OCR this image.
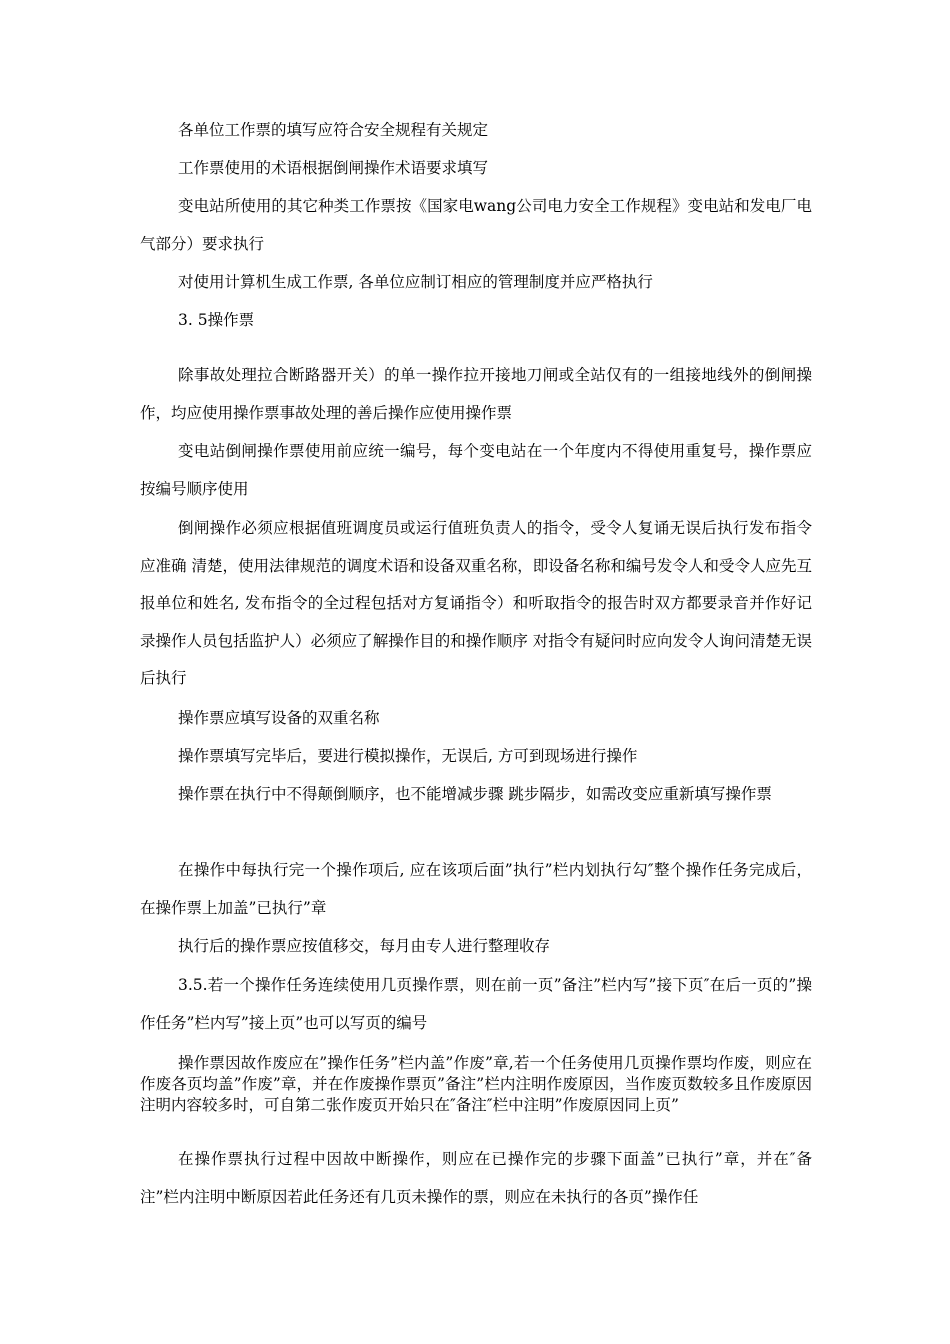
各单位工作票的填写应符合安全规程有关规定

工作票使用的术语根据倒闸操作术语要求填写

变电站所使用的其它种类工作票按《国家电wang公司电力安全工作规程》变电站和发电厂电气部分）要求执行

对使用计算机生成工作票, 各单位应制订相应的管理制度并应严格执行

3. 5操作票

除事故处理拉合断路器开关）的单一操作拉开接地刀闸或全站仅有的一组接地线外的倒闸操作，均应使用操作票事故处理的善后操作应使用操作票

变电站倒闸操作票使用前应统一编号，每个变电站在一个年度内不得使用重复号，操作票应按编号顺序使用

倒闸操作必须应根据值班调度员或运行值班负责人的指令，受令人复诵无误后执行发布指令应准确 清楚，使用法律规范的调度术语和设备双重名称，即设备名称和编号发令人和受令人应先互报单位和姓名, 发布指令的全过程包括对方复诵指令）和听取指令的报告时双方都要录音并作好记录操作人员包括监护人）必须应了解操作目的和操作顺序 对指令有疑问时应向发令人询问清楚无误后执行

操作票应填写设备的双重名称

操作票填写完毕后，要进行模拟操作，无误后, 方可到现场进行操作

操作票在执行中不得颠倒顺序，也不能增减步骤 跳步隔步，如需改变应重新填写操作票

在操作中每执行完一个操作项后, 应在该项后面”执行”栏内划执行勾″整个操作任务完成后，在操作票上加盖”已执行”章

执行后的操作票应按值移交，每月由专人进行整理收存

3.5.若一个操作任务连续使用几页操作票，则在前一页”备注”栏内写”接下页″在后一页的”操作任务”栏内写”接上页”也可以写页的编号

操作票因故作废应在”操作任务”栏内盖”作废”章,若一个任务使用几页操作票均作废，则应在作废各页均盖”作废”章，并在作废操作票页”备注”栏内注明作废原因，当作废页数较多且作废原因注明内容较多时，可自第二张作废页开始只在″备注″栏中注明”作废原因同上页”

在操作票执行过程中因故中断操作，则应在已操作完的步骤下面盖”已执行”章，并在″备注”栏内注明中断原因若此任务还有几页未操作的票，则应在未执行的各页”操作任
